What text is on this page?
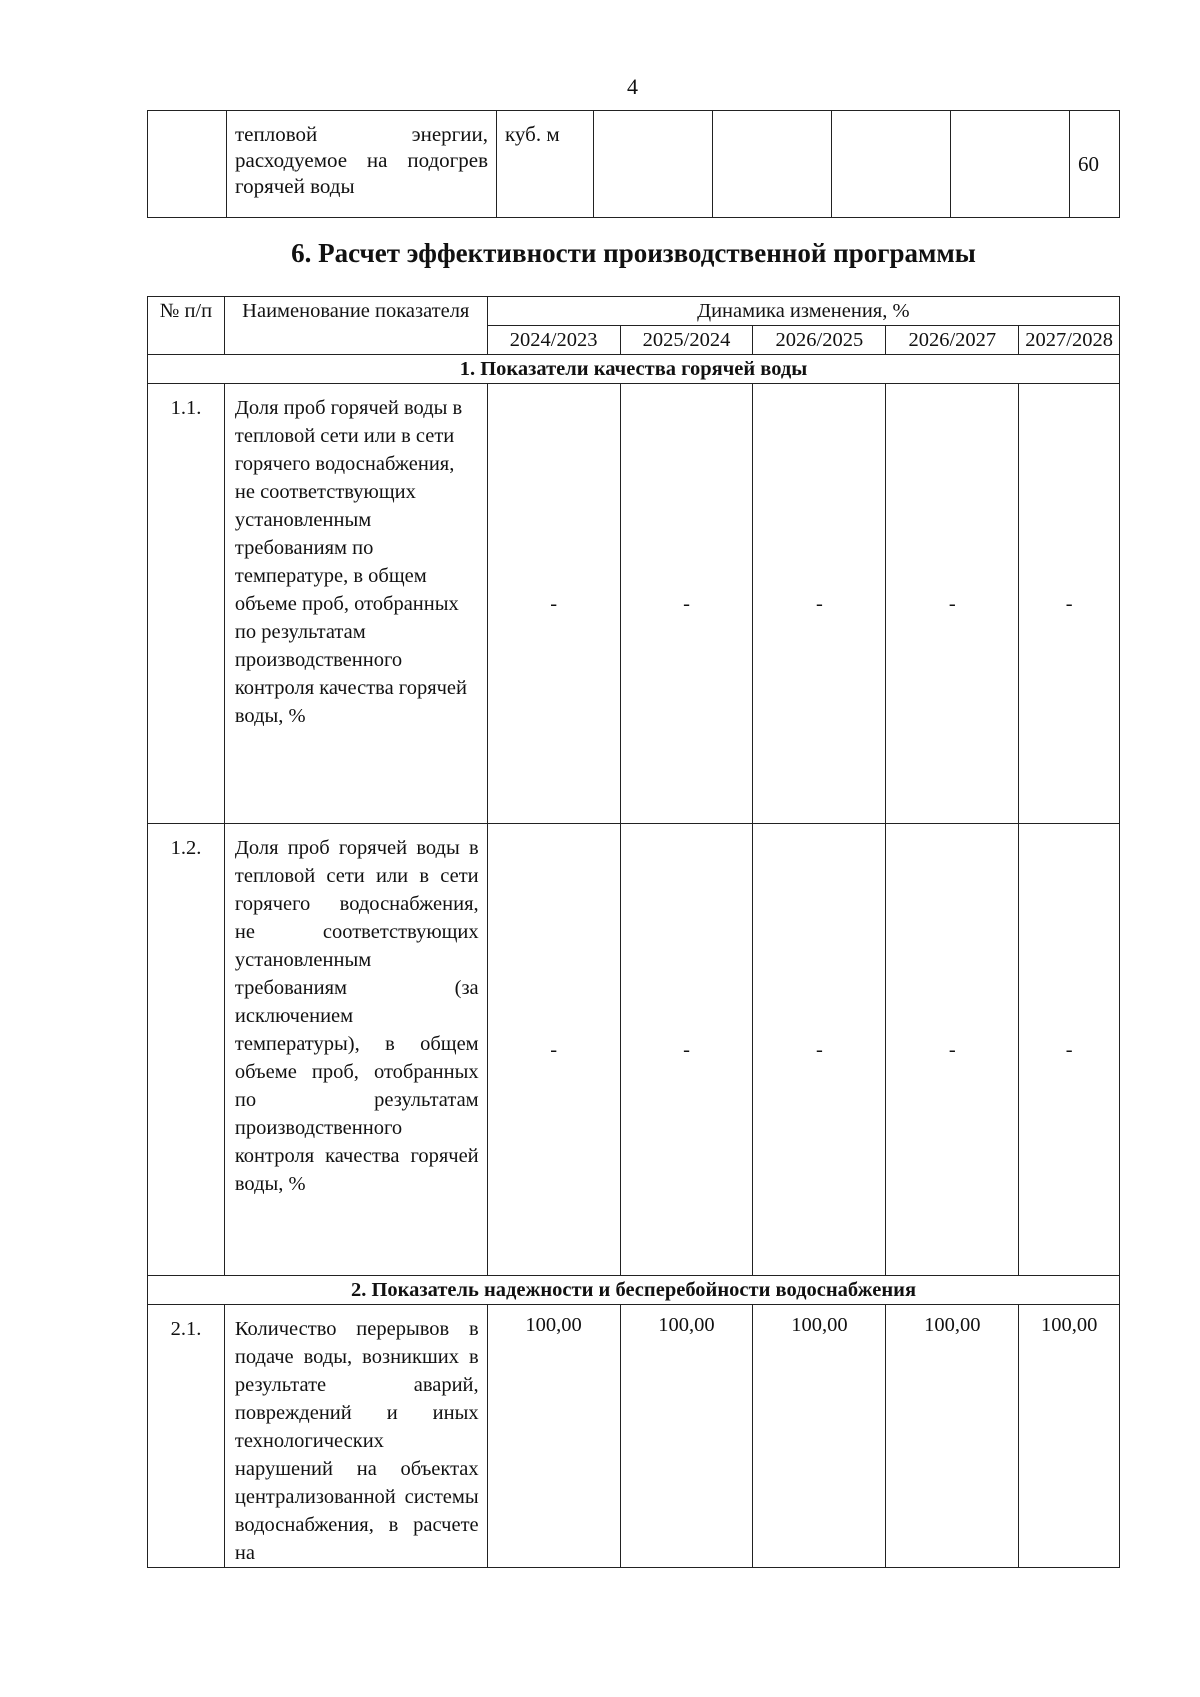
4
	тепловой энергии, расходуемое на подогрев горячей воды	куб. м					60
6. Расчет эффективности производственной программы
№ п/п	Наименование показателя	Динамика изменения, %				
		2024/2023	2025/2024	2026/2025	2026/2027	2027/2028
1. Показатели качества горячей воды						
1.1.	Доля проб горячей воды в тепловой сети или в сети горячего водоснабжения, не соответствующих установленным требованиям по температуре, в общем объеме проб, отобранных по результатам производственного контроля качества горячей воды, %	-	-	-	-	-
1.2.	Доля проб горячей воды в тепловой сети или в сети горячего водоснабжения, не соответствующих установленным требованиям (за исключением температуры), в общем объеме проб, отобранных по результатам производственного контроля качества горячей воды, %	-	-	-	-	-
2. Показатель надежности и бесперебойности водоснабжения						
2.1.	Количество перерывов в подаче воды, возникших в результате аварий, повреждений и иных технологических нарушений на объектах централизованной системы водоснабжения, в расчете на	100,00	100,00	100,00	100,00	100,00
